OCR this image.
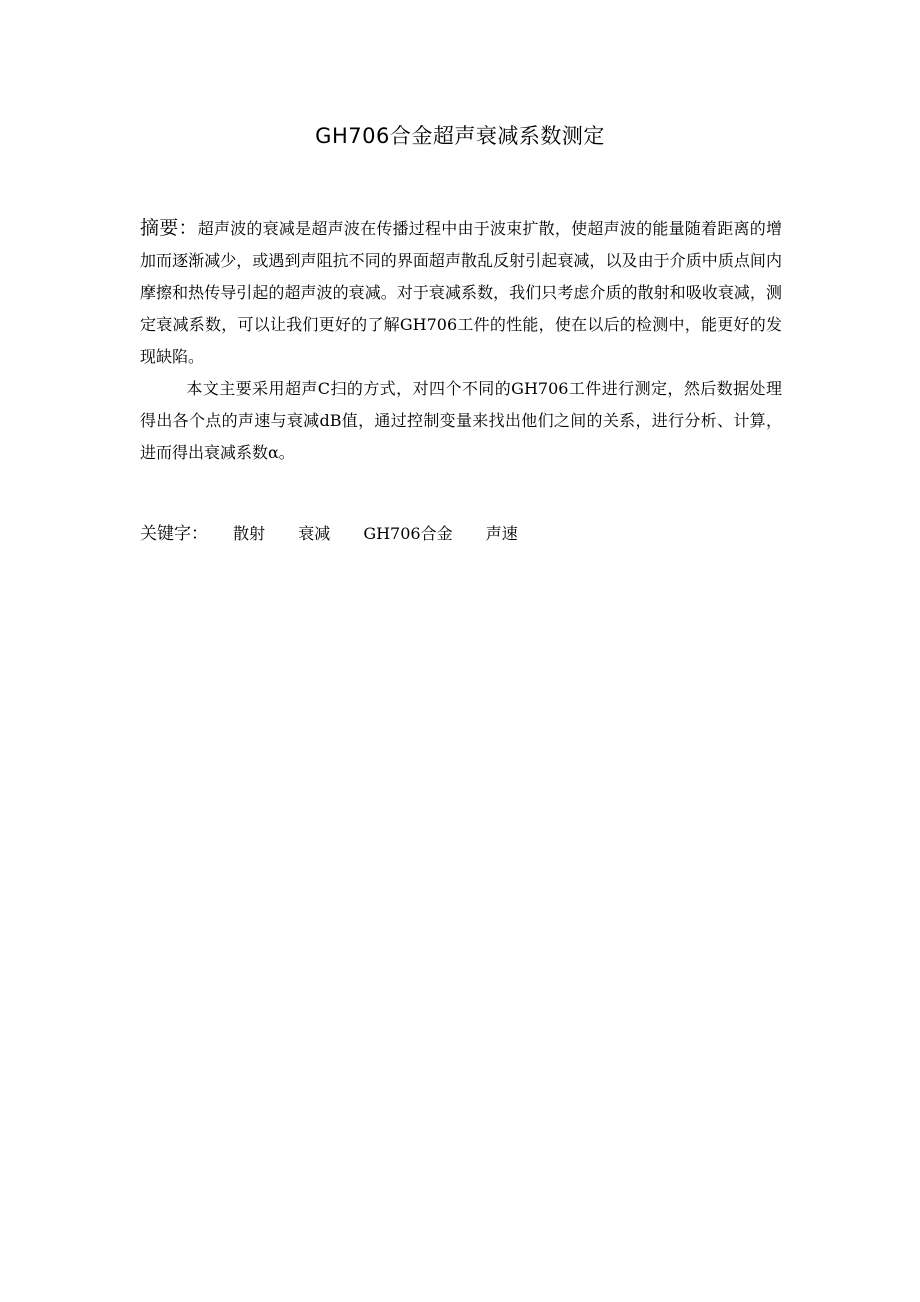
GH706合金超声衰减系数测定

摘要：超声波的衰减是超声波在传播过程中由于波束扩散，使超声波的能量随着距离的增加而逐渐减少，或遇到声阻抗不同的界面超声散乱反射引起衰减，以及由于介质中质点间内摩擦和热传导引起的超声波的衰减。对于衰减系数，我们只考虑介质的散射和吸收衰减，测定衰减系数，可以让我们更好的了解GH706工件的性能，使在以后的检测中，能更好的发现缺陷。

本文主要采用超声C扫的方式，对四个不同的GH706工件进行测定，然后数据处理得出各个点的声速与衰减dB值，通过控制变量来找出他们之间的关系，进行分析、计算，进而得出衰减系数α。

关键字： 散射 衰减 GH706合金 声速
